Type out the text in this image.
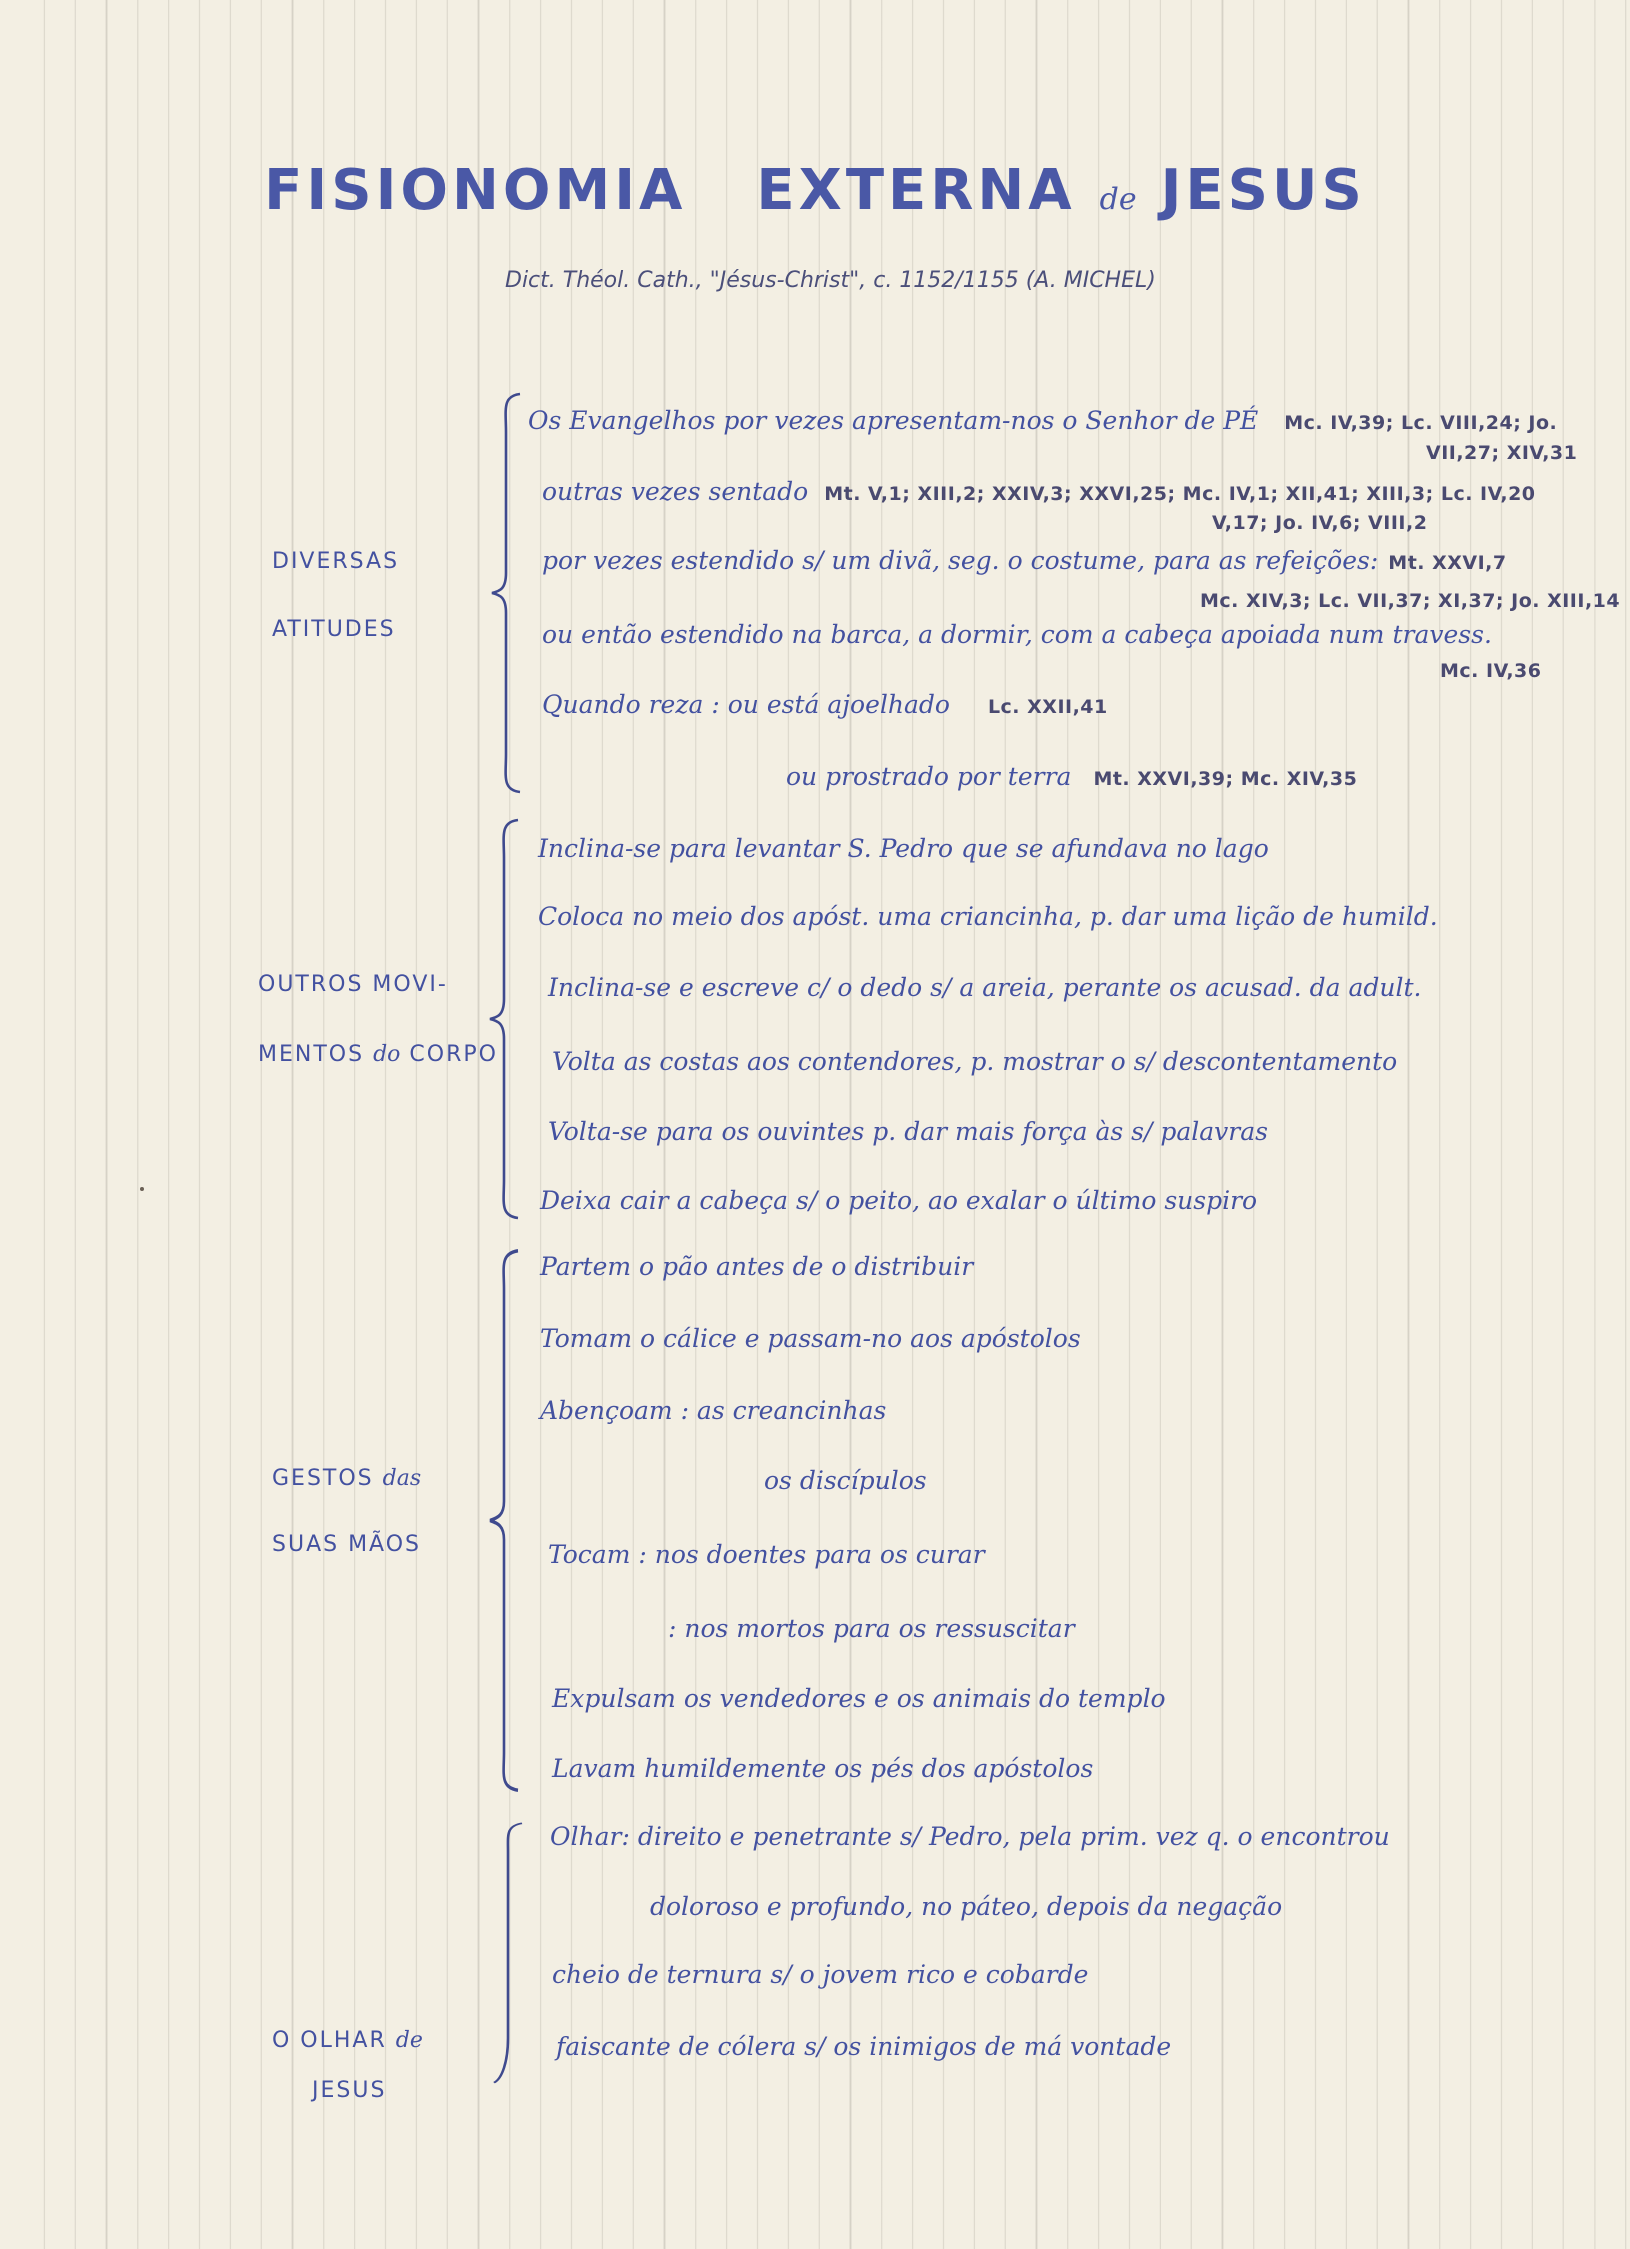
FISIONOMIA EXTERNA de JESUS
Dict. Théol. Cath., "Jésus-Christ", c. 1152/1155 (A. MICHEL)
DIVERSAS
ATITUDES
Os Evangelhos por vezes apresentam-nos o Senhor de PÉ Mc. IV,39; Lc. VIII,24; Jo.
VII,27; XIV,31
outras vezes sentado Mt. V,1; XIII,2; XXIV,3; XXVI,25; Mc. IV,1; XII,41; XIII,3; Lc. IV,20
V,17; Jo. IV,6; VIII,2
por vezes estendido s/ um divã, seg. o costume, para as refeições: Mt. XXVI,7
Mc. XIV,3; Lc. VII,37; XI,37; Jo. XIII,14
ou então estendido na barca, a dormir, com a cabeça apoiada num travess.
Mc. IV,36
Quando reza : ou está ajoelhado Lc. XXII,41
ou prostrado por terra Mt. XXVI,39; Mc. XIV,35
OUTROS MOVI-
MENTOS do CORPO
Inclina-se para levantar S. Pedro que se afundava no lago
Coloca no meio dos apóst. uma criancinha, p. dar uma lição de humild.
Inclina-se e escreve c/ o dedo s/ a areia, perante os acusad. da adult.
Volta as costas aos contendores, p. mostrar o s/ descontentamento
Volta-se para os ouvintes p. dar mais força às s/ palavras
Deixa cair a cabeça s/ o peito, ao exalar o último suspiro
GESTOS das
SUAS MÃOS
Partem o pão antes de o distribuir
Tomam o cálice e passam-no aos apóstolos
Abençoam : as creancinhas
os discípulos
Tocam : nos doentes para os curar
: nos mortos para os ressuscitar
Expulsam os vendedores e os animais do templo
Lavam humildemente os pés dos apóstolos
O OLHAR de
JESUS
Olhar: direito e penetrante s/ Pedro, pela prim. vez q. o encontrou
doloroso e profundo, no páteo, depois da negação
cheio de ternura s/ o jovem rico e cobarde
faiscante de cólera s/ os inimigos de má vontade
